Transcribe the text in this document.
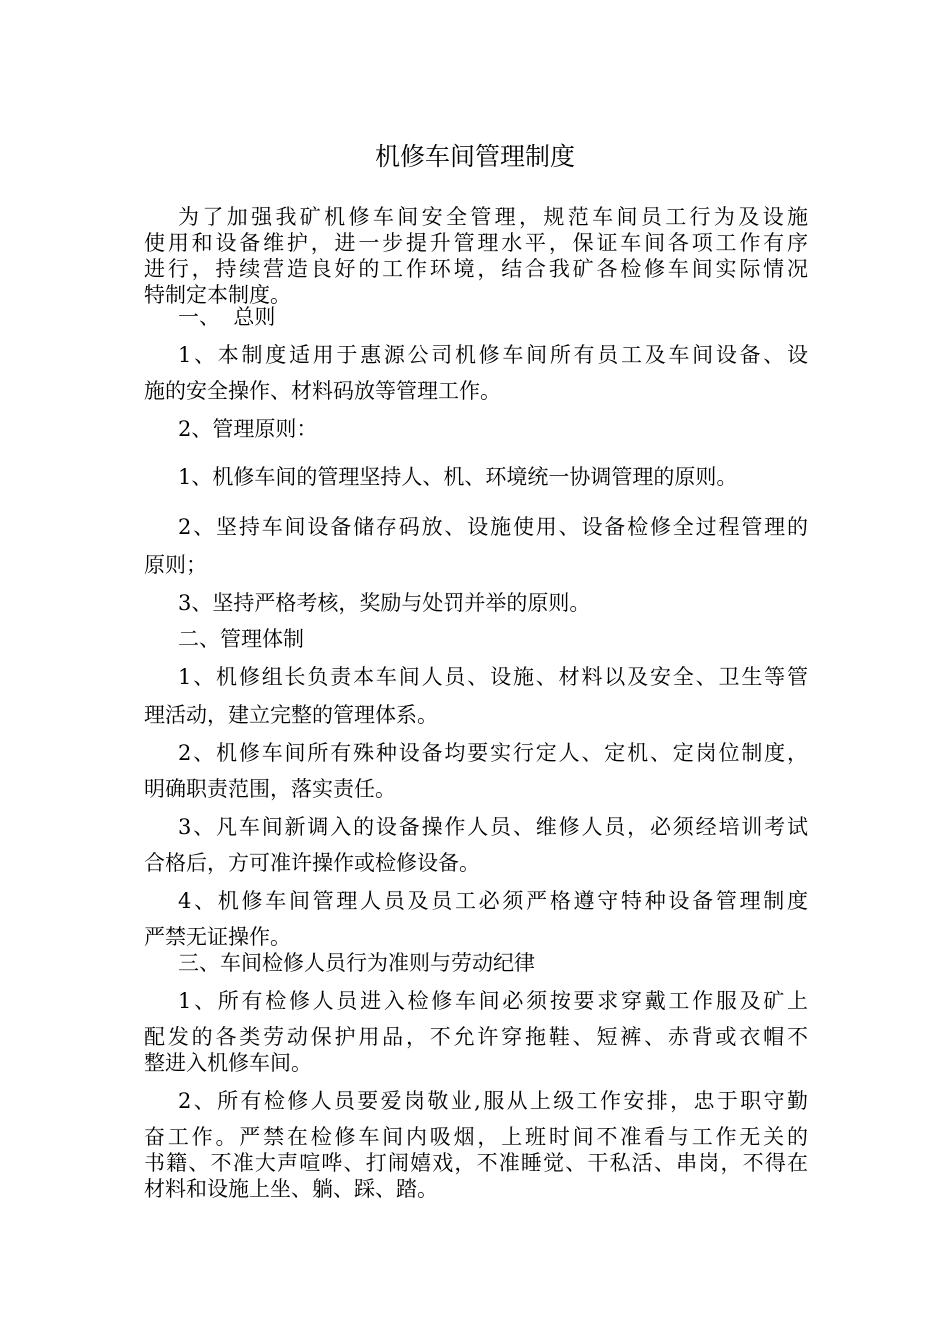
机修车间管理制度
为了加强我矿机修车间安全管理，规范车间员工行为及设施
使用和设备维护，进一步提升管理水平，保证车间各项工作有序
进行，持续营造良好的工作环境，结合我矿各检修车间实际情况
特制定本制度。
一、  总则
1、本制度适用于惠源公司机修车间所有员工及车间设备、设
施的安全操作、材料码放等管理工作。
2、管理原则：
1、机修车间的管理坚持人、机、环境统一协调管理的原则。
2、坚持车间设备储存码放、设施使用、设备检修全过程管理的
原则；
3、坚持严格考核，奖励与处罚并举的原则。
二、管理体制
1、机修组长负责本车间人员、设施、材料以及安全、卫生等管
理活动，建立完整的管理体系。
2、机修车间所有殊种设备均要实行定人、定机、定岗位制度，
明确职责范围，落实责任。
3、凡车间新调入的设备操作人员、维修人员，必须经培训考试
合格后，方可准许操作或检修设备。
4、机修车间管理人员及员工必须严格遵守特种设备管理制度
严禁无证操作。
三、车间检修人员行为准则与劳动纪律
1、所有检修人员进入检修车间必须按要求穿戴工作服及矿上
配发的各类劳动保护用品，不允许穿拖鞋、短裤、赤背或衣帽不
整进入机修车间。
2、所有检修人员要爱岗敬业,服从上级工作安排，忠于职守勤
奋工作。严禁在检修车间内吸烟，上班时间不准看与工作无关的
书籍、不准大声喧哗、打闹嬉戏，不准睡觉、干私活、串岗，不得在
材料和设施上坐、躺、踩、踏。
